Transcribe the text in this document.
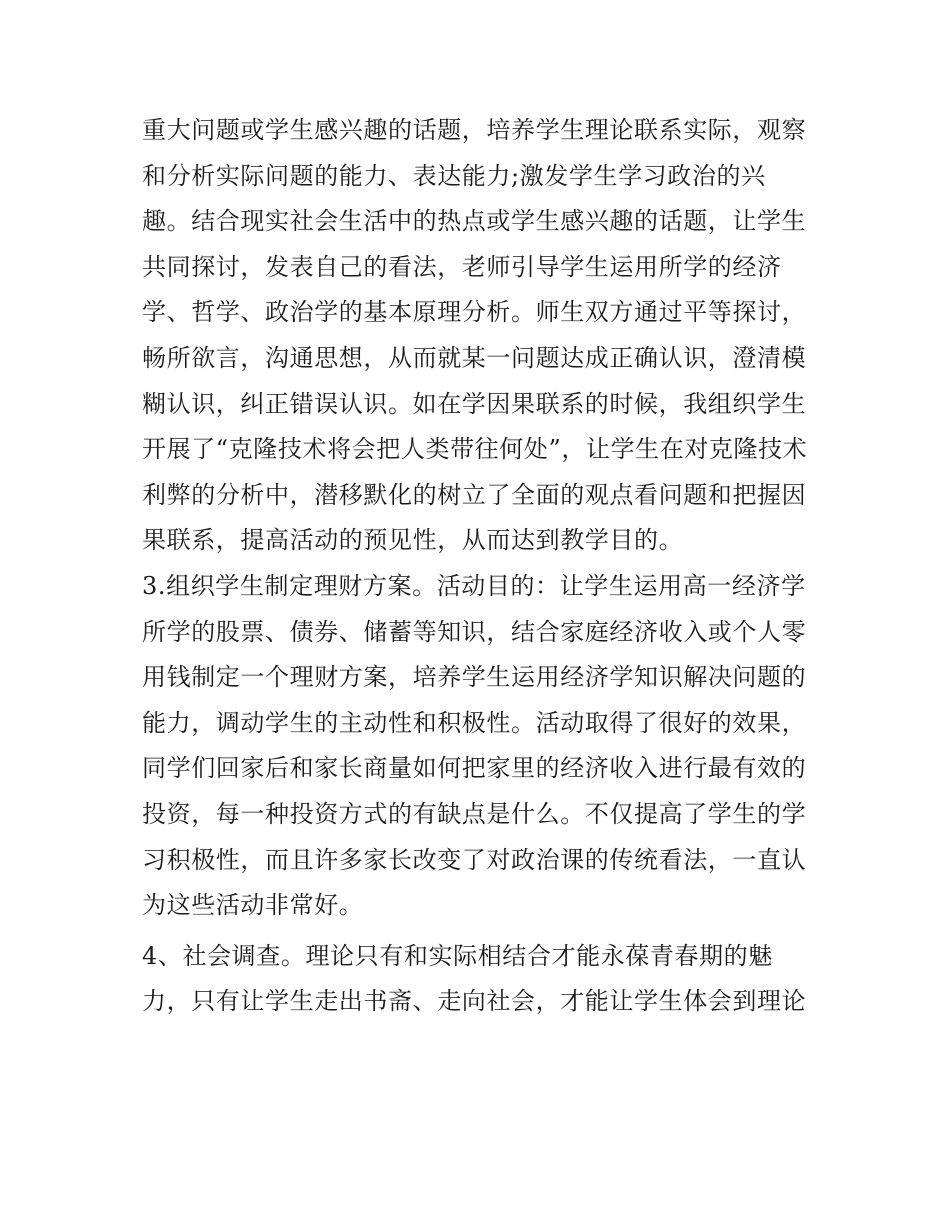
重大问题或学生感兴趣的话题，培养学生理论联系实际，观察
和分析实际问题的能力、表达能力;激发学生学习政治的兴
趣。结合现实社会生活中的热点或学生感兴趣的话题，让学生
共同探讨，发表自己的看法，老师引导学生运用所学的经济
学、哲学、政治学的基本原理分析。师生双方通过平等探讨，
畅所欲言，沟通思想，从而就某一问题达成正确认识，澄清模
糊认识，纠正错误认识。如在学因果联系的时候，我组织学生
开展了“克隆技术将会把人类带往何处”，让学生在对克隆技术
利弊的分析中，潜移默化的树立了全面的观点看问题和把握因
果联系，提高活动的预见性，从而达到教学目的。
3.组织学生制定理财方案。活动目的：让学生运用高一经济学
所学的股票、债券、储蓄等知识，结合家庭经济收入或个人零
用钱制定一个理财方案，培养学生运用经济学知识解决问题的
能力，调动学生的主动性和积极性。活动取得了很好的效果，
同学们回家后和家长商量如何把家里的经济收入进行最有效的
投资，每一种投资方式的有缺点是什么。不仅提高了学生的学
习积极性，而且许多家长改变了对政治课的传统看法，一直认
为这些活动非常好。
4、社会调查。理论只有和实际相结合才能永葆青春期的魅
力，只有让学生走出书斋、走向社会，才能让学生体会到理论
